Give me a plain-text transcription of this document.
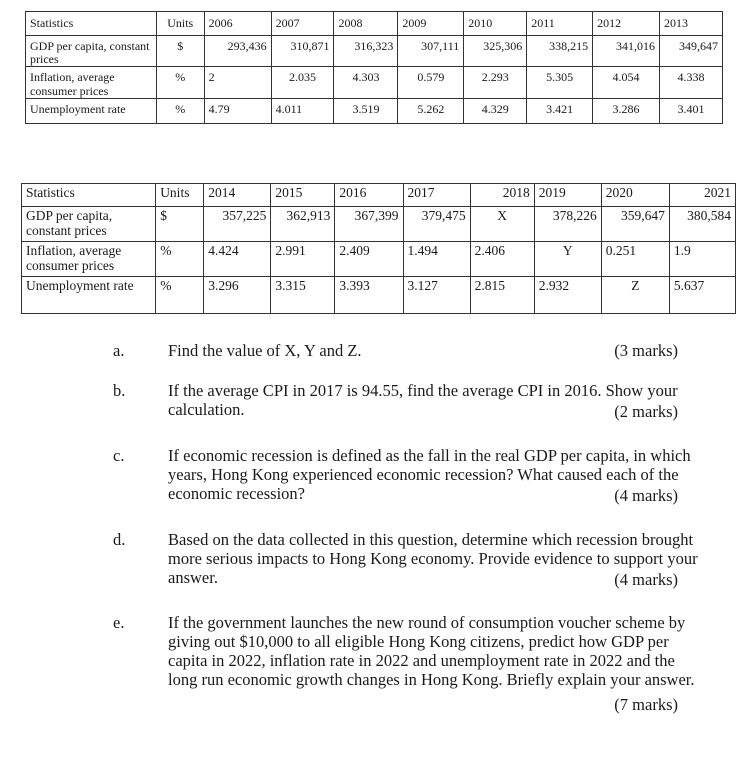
Statistics	Units	2006	2007	2008	2009	2010	2011	2012	2013
GDP per capita, constant prices	$	293,436	310,871	316,323	307,111	325,306	338,215	341,016	349,647
Inflation, average consumer prices	%	2	2.035	4.303	0.579	2.293	5.305	4.054	4.338
Unemployment rate	%	4.79	4.011	3.519	5.262	4.329	3.421	3.286	3.401
Statistics	Units	2014	2015	2016	2017	2018	2019	2020	2021
GDP per capita, constant prices	$	357,225	362,913	367,399	379,475	X	378,226	359,647	380,584
Inflation, average consumer prices	%	4.424	2.991	2.409	1.494	2.406	Y	0.251	1.9
Unemployment rate	%	3.296	3.315	3.393	3.127	2.815	2.932	Z	5.637
a.	Find the value of X, Y and Z.	(3 marks)
b.	If the average CPI in 2017 is 94.55, find the average CPI in 2016. Show your calculation.	(2 marks)
c.	If economic recession is defined as the fall in the real GDP per capita, in which years, Hong Kong experienced economic recession? What caused each of the economic recession?	(4 marks)
d.	Based on the data collected in this question, determine which recession brought more serious impacts to Hong Kong economy. Provide evidence to support your answer.	(4 marks)
e.	If the government launches the new round of consumption voucher scheme by giving out $10,000 to all eligible Hong Kong citizens, predict how GDP per capita in 2022, inflation rate in 2022 and unemployment rate in 2022 and the long run economic growth changes in Hong Kong. Briefly explain your answer.
(7 marks)
